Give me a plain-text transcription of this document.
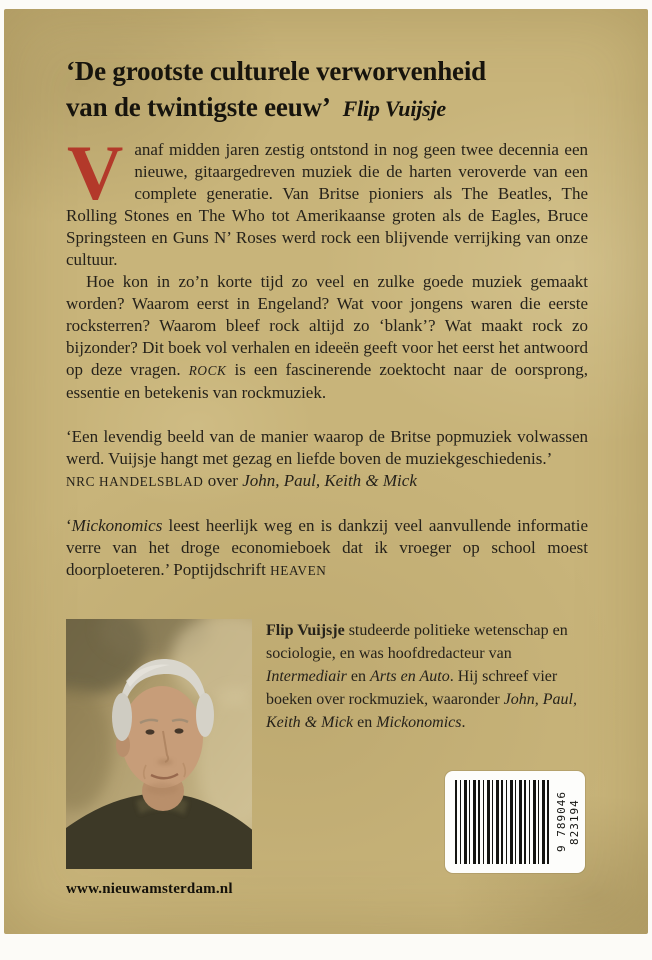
‘De grootste culturele verworvenheid
van de twintigste eeuw’ Flip Vuijsje

Vanaf midden jaren zestig ontstond in nog geen twee decennia een nieuwe, gitaargedreven muziek die de harten veroverde van een complete generatie. Van Britse pioniers als The Beatles, The Rolling Stones en The Who tot Amerikaanse groten als de Eagles, Bruce Springsteen en Guns N’ Roses werd rock een blijvende verrijking van onze cultuur.

Hoe kon in zo’n korte tijd zo veel en zulke goede muziek gemaakt worden? Waarom eerst in Engeland? Wat voor jongens waren die eerste rocksterren? Waarom bleef rock altijd zo ‘blank’? Wat maakt rock zo bijzonder? Dit boek vol verhalen en ideeën geeft voor het eerst het antwoord op deze vragen. ROCK is een fascinerende zoektocht naar de oorsprong, essentie en betekenis van rockmuziek.

‘Een levendig beeld van de manier waarop de Britse popmuziek volwassen werd. Vuijsje hangt met gezag en liefde boven de muziekgeschiedenis.’

NRC HANDELSBLAD over John, Paul, Keith & Mick

‘Mickonomics leest heerlijk weg en is dankzij veel aanvullende informatie verre van het droge economieboek dat ik vroeger op school moest doorploeteren.’ Poptijdschrift HEAVEN

Flip Vuijsje studeerde politieke wetenschap en sociologie, en was hoofdredacteur van Intermediair en Arts en Auto. Hij schreef vier boeken over rockmuziek, waaronder John, Paul, Keith & Mick en Mickonomics.

www.nieuwamsterdam.nl
9 789046 823194
